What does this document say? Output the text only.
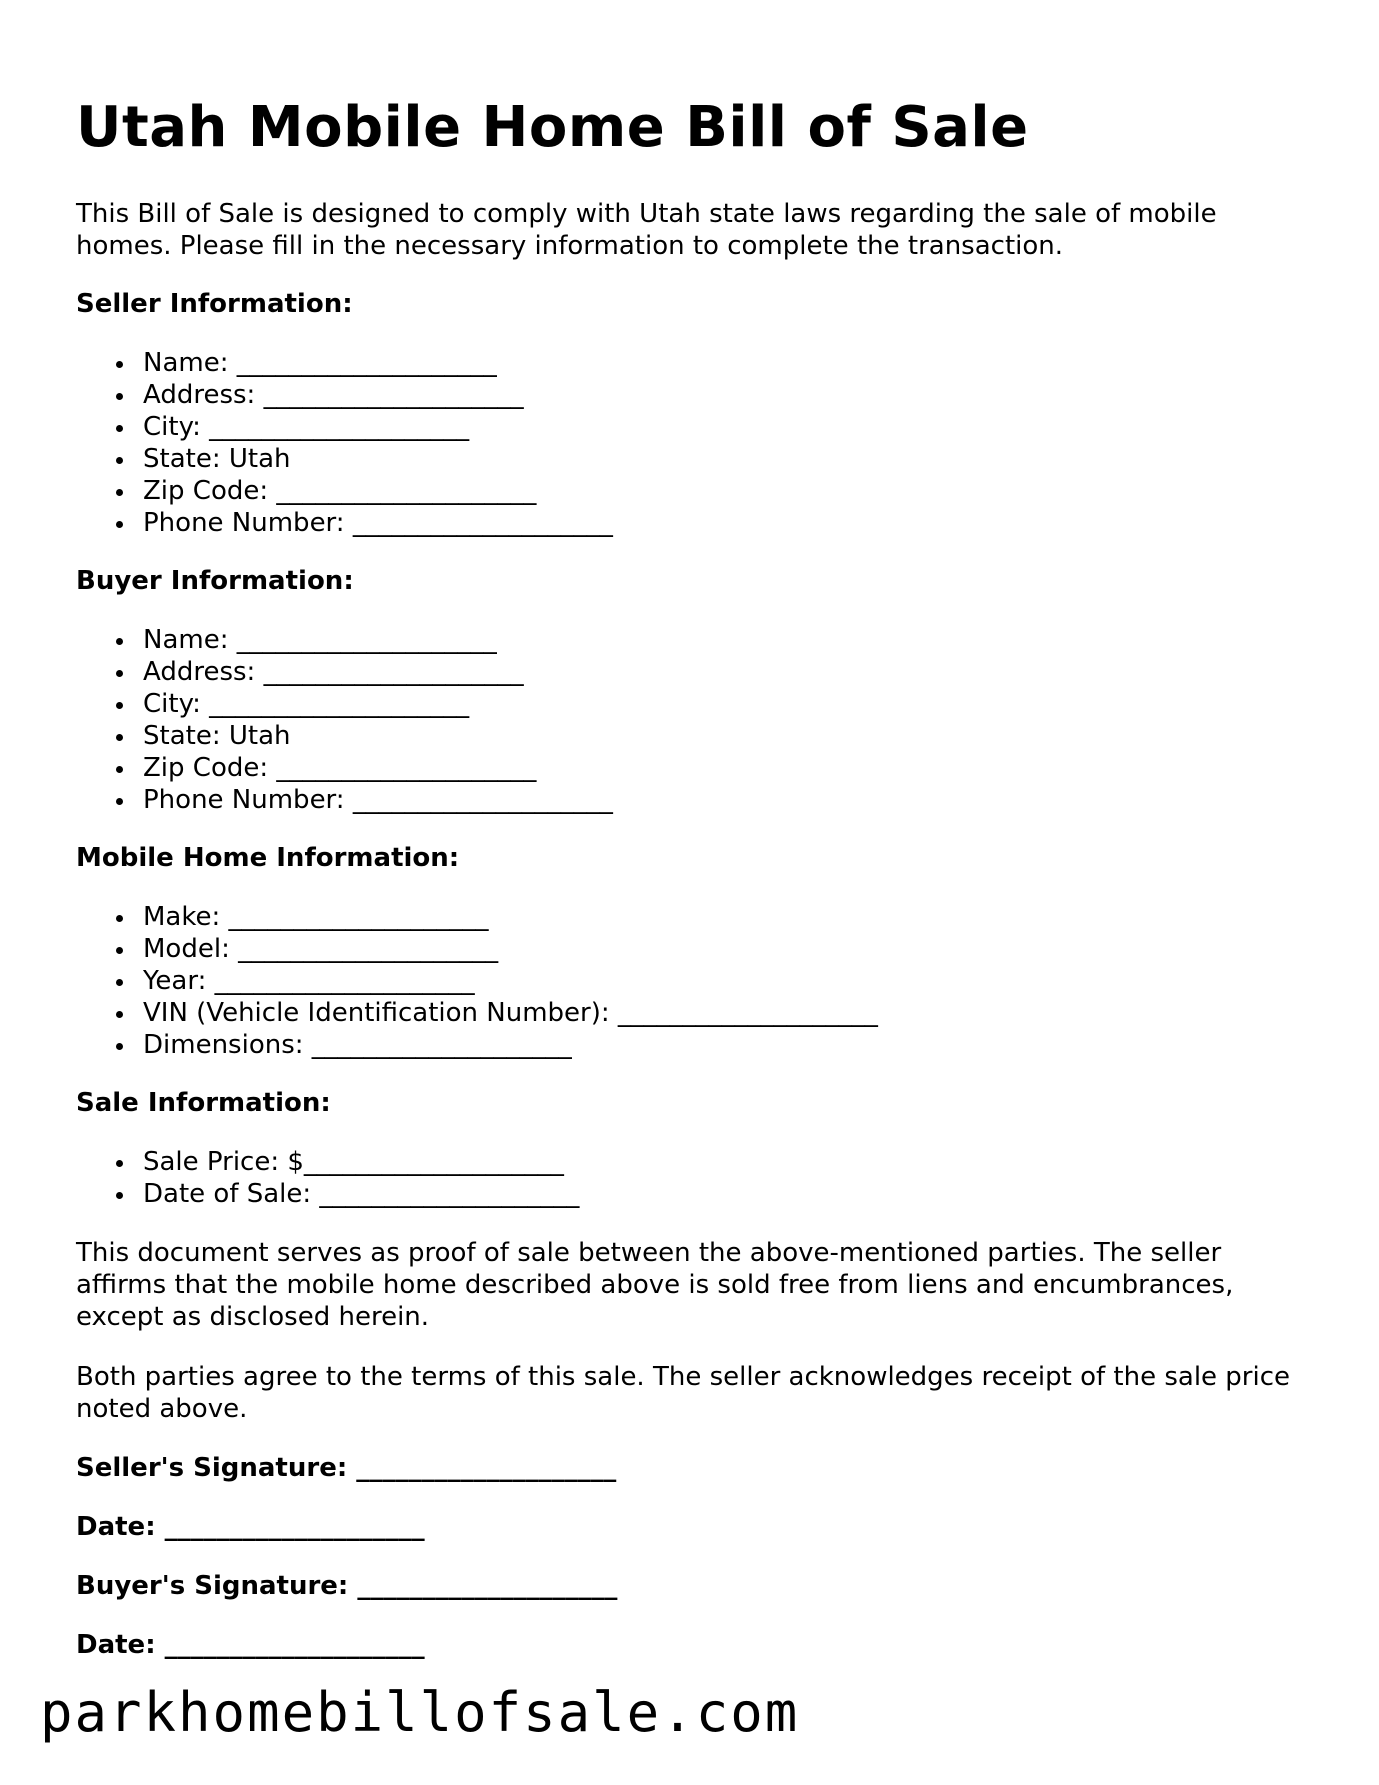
Utah Mobile Home Bill of Sale

This Bill of Sale is designed to comply with Utah state laws regarding the sale of mobile homes. Please fill in the necessary information to complete the transaction.

Seller Information:
Name: ____________________
Address: ____________________
City: ____________________
State: Utah
Zip Code: ____________________
Phone Number: ____________________
Buyer Information:
Name: ____________________
Address: ____________________
City: ____________________
State: Utah
Zip Code: ____________________
Phone Number: ____________________
Mobile Home Information:
Make: ____________________
Model: ____________________
Year: ____________________
VIN (Vehicle Identification Number): ____________________
Dimensions: ____________________
Sale Information:
Sale Price: $____________________
Date of Sale: ____________________

This document serves as proof of sale between the above-mentioned parties. The seller affirms that the mobile home described above is sold free from liens and encumbrances, except as disclosed herein.

Both parties agree to the terms of this sale. The seller acknowledges receipt of the sale price noted above.

Seller's Signature: ____________________

Date: ____________________

Buyer's Signature: ____________________

Date: ____________________

parkhomebillofsale.com
